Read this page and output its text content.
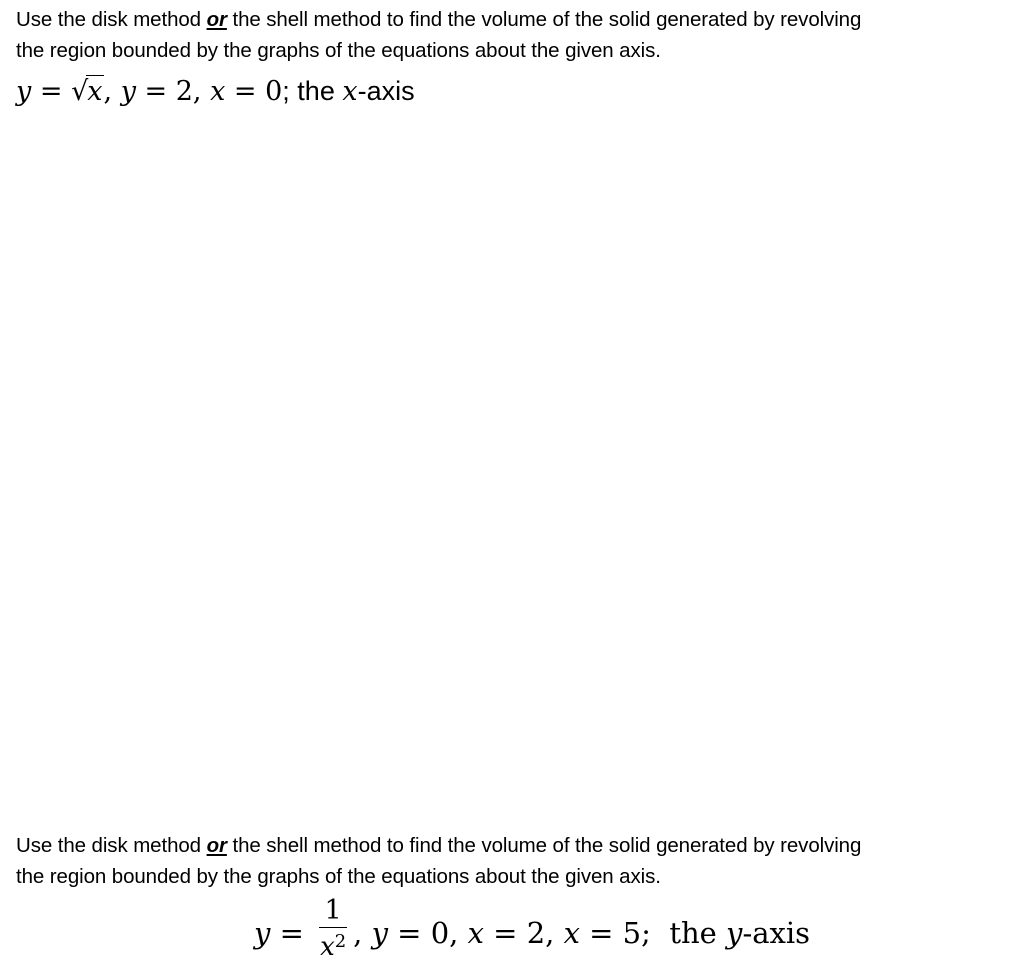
Use the disk method or the shell method to find the volume of the solid generated by revolving
the region bounded by the graphs of the equations about the given axis.
y = √x, y = 2, x = 0; the x-axis
Use the disk method or the shell method to find the volume of the solid generated by revolving
the region bounded by the graphs of the equations about the given axis.
$y = \frac{1}{x^2}$ , y = 0, x = 2, x = 5;  the y-axis
